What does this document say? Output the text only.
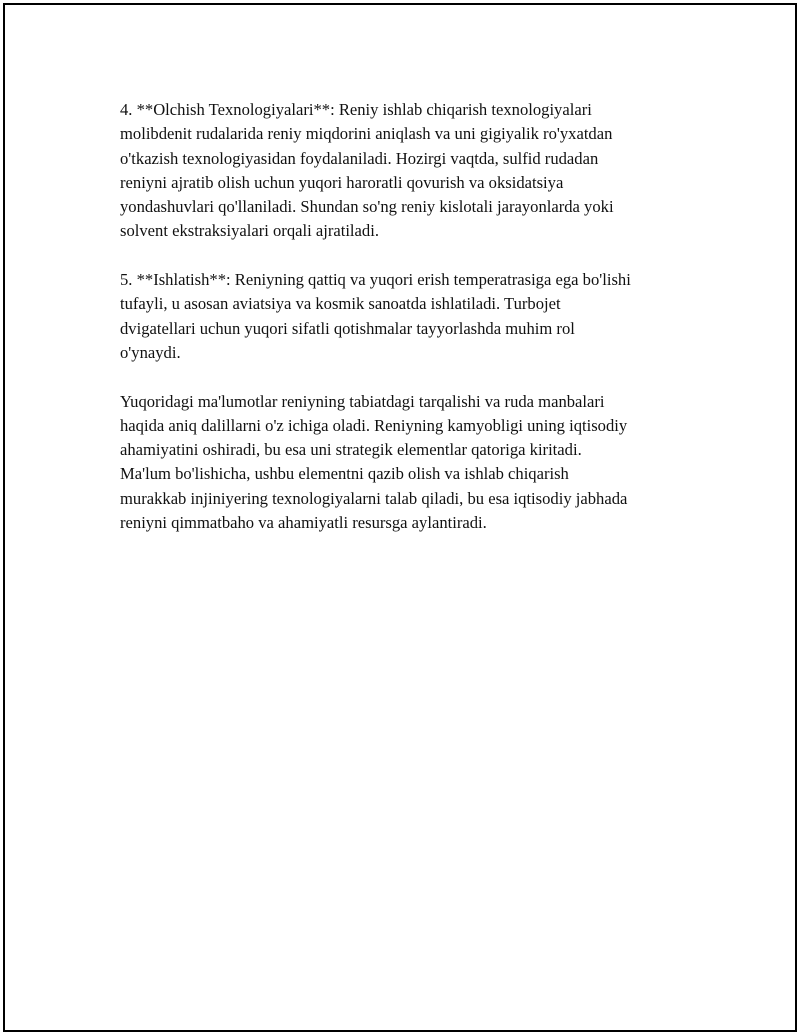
4. **Olchish Texnologiyalari**: Reniy ishlab chiqarish texnologiyalari
molibdenit rudalarida reniy miqdorini aniqlash va uni gigiyalik ro'yxatdan
o'tkazish texnologiyasidan foydalaniladi. Hozirgi vaqtda, sulfid rudadan
reniyni ajratib olish uchun yuqori haroratli qovurish va oksidatsiya
yondashuvlari qo'llaniladi. Shundan so'ng reniy kislotali jarayonlarda yoki
solvent ekstraksiyalari orqali ajratiladi.

5. **Ishlatish**: Reniyning qattiq va yuqori erish temperatrasiga ega bo'lishi
tufayli, u asosan aviatsiya va kosmik sanoatda ishlatiladi. Turbojet
dvigatellari uchun yuqori sifatli qotishmalar tayyorlashda muhim rol
o'ynaydi.

Yuqoridagi ma'lumotlar reniyning tabiatdagi tarqalishi va ruda manbalari
haqida aniq dalillarni o'z ichiga oladi. Reniyning kamyobligi uning iqtisodiy
ahamiyatini oshiradi, bu esa uni strategik elementlar qatoriga kiritadi.
Ma'lum bo'lishicha, ushbu elementni qazib olish va ishlab chiqarish
murakkab injiniyering texnologiyalarni talab qiladi, bu esa iqtisodiy jabhada
reniyni qimmatbaho va ahamiyatli resursga aylantiradi.
